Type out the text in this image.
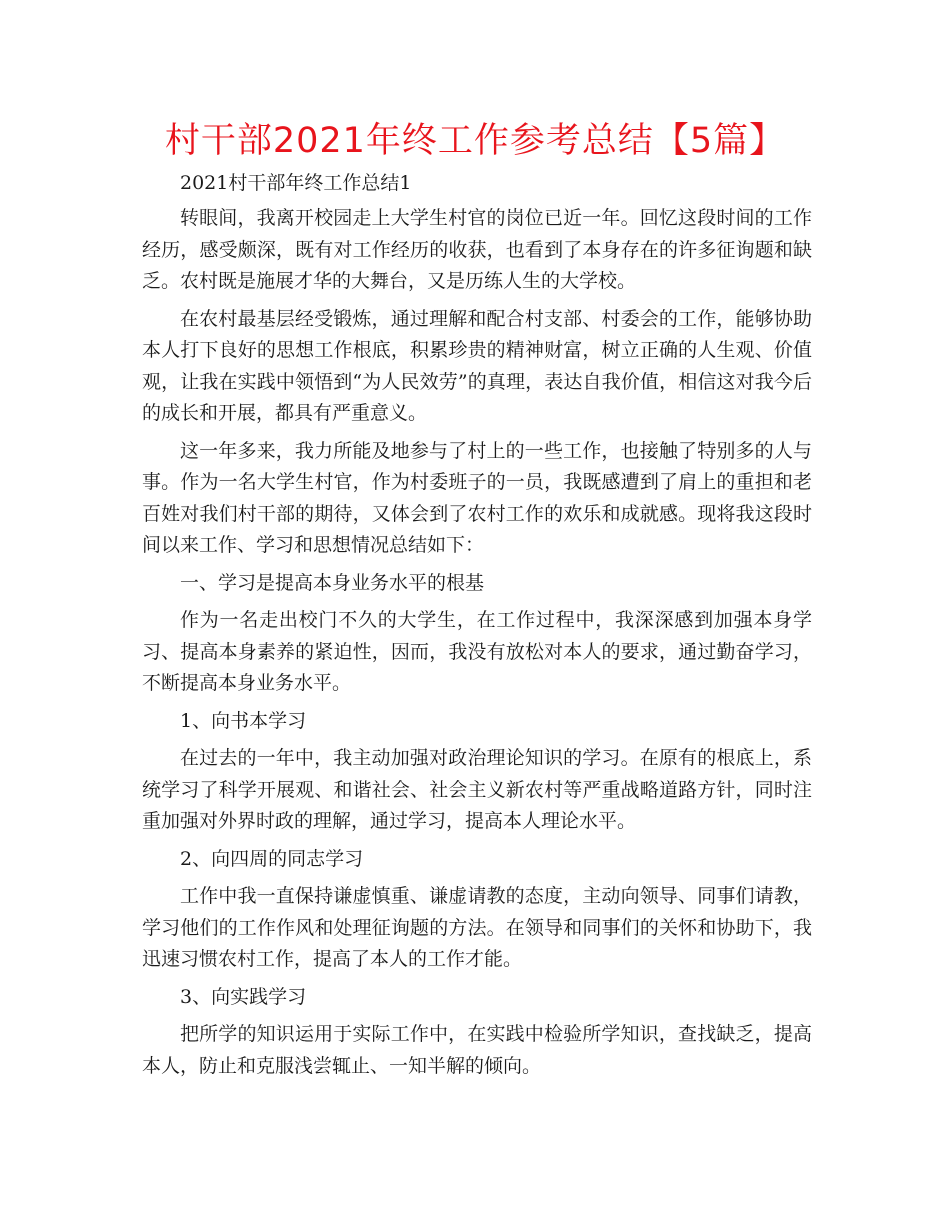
村干部2021年终工作参考总结【5篇】

2021村干部年终工作总结1

转眼间，我离开校园走上大学生村官的岗位已近一年。回忆这段时间的工作经历，感受颇深，既有对工作经历的收获，也看到了本身存在的许多征询题和缺乏。农村既是施展才华的大舞台，又是历练人生的大学校。

在农村最基层经受锻炼，通过理解和配合村支部、村委会的工作，能够协助本人打下良好的思想工作根底，积累珍贵的精神财富，树立正确的人生观、价值观，让我在实践中领悟到“为人民效劳”的真理，表达自我价值，相信这对我今后的成长和开展，都具有严重意义。

这一年多来，我力所能及地参与了村上的一些工作，也接触了特别多的人与事。作为一名大学生村官，作为村委班子的一员，我既感遭到了肩上的重担和老百姓对我们村干部的期待，又体会到了农村工作的欢乐和成就感。现将我这段时间以来工作、学习和思想情况总结如下：

一、学习是提高本身业务水平的根基

作为一名走出校门不久的大学生，在工作过程中，我深深感到加强本身学习、提高本身素养的紧迫性，因而，我没有放松对本人的要求，通过勤奋学习，不断提高本身业务水平。

1、向书本学习

在过去的一年中，我主动加强对政治理论知识的学习。在原有的根底上，系统学习了科学开展观、和谐社会、社会主义新农村等严重战略道路方针，同时注重加强对外界时政的理解，通过学习，提高本人理论水平。

2、向四周的同志学习

工作中我一直保持谦虚慎重、谦虚请教的态度，主动向领导、同事们请教，学习他们的工作作风和处理征询题的方法。在领导和同事们的关怀和协助下，我迅速习惯农村工作，提高了本人的工作才能。

3、向实践学习

把所学的知识运用于实际工作中，在实践中检验所学知识，查找缺乏，提高本人，防止和克服浅尝辄止、一知半解的倾向。
